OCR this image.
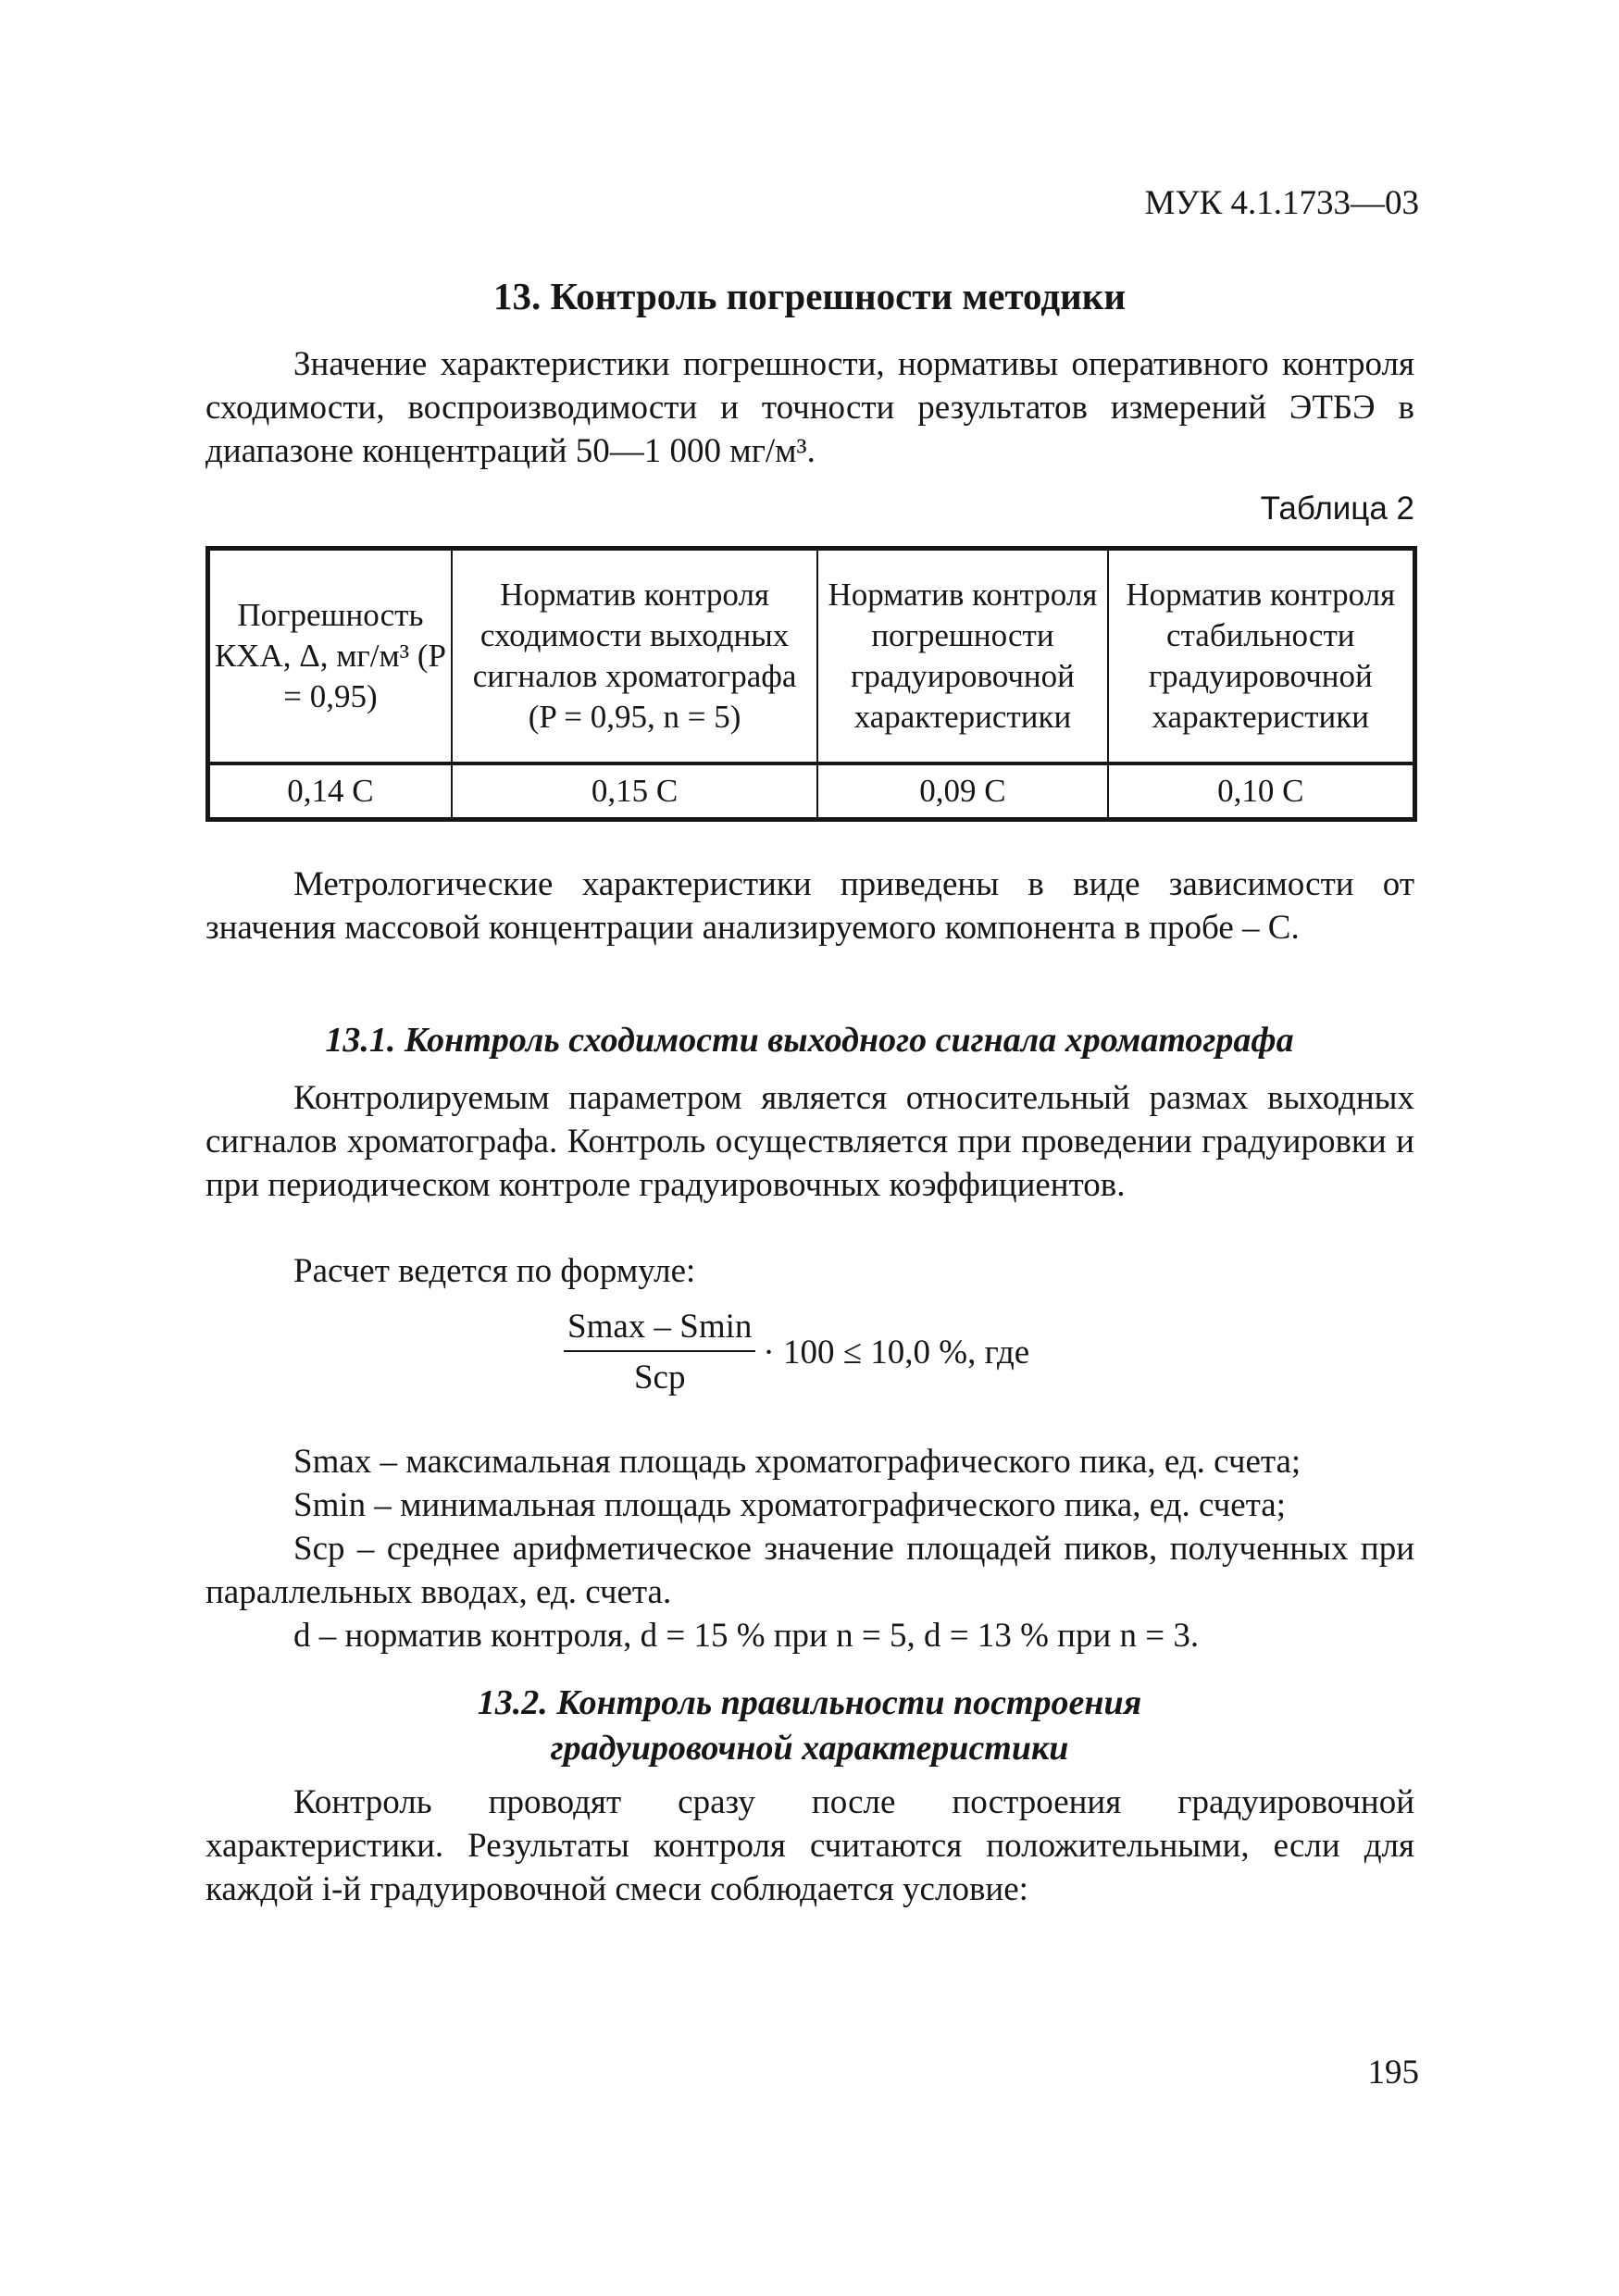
МУК 4.1.1733—03
13. Контроль погрешности методики
Значение характеристики погрешности, нормативы оперативного контроля сходимости, воспроизводимости и точности результатов измерений ЭТБЭ в диапазоне концентраций 50—1 000 мг/м³.
Таблица 2
Погрешность КХА, Δ, мг/м³ (P = 0,95)	Норматив контроля сходимости выходных сигналов хроматографа (P = 0,95, n = 5)	Норматив контроля погрешности градуировочной характеристики	Норматив контроля стабильности градуировочной характеристики
0,14 C	0,15 C	0,09 C	0,10 C
Метрологические характеристики приведены в виде зависимости от значения массовой концентрации анализируемого компонента в пробе – C.
13.1. Контроль сходимости выходного сигнала хроматографа
Контролируемым параметром является относительный размах выходных сигналов хроматографа. Контроль осуществляется при проведении градуировки и при периодическом контроле градуировочных коэффициентов.
Расчет ведется по формуле:
$\frac{Smax - Smin}{\text{Scp}} \cdot 100 \le 10,0$ %, где
Smax – максимальная площадь хроматографического пика, ед. счета;
Smin – минимальная площадь хроматографического пика, ед. счета;
Scp – среднее арифметическое значение площадей пиков, полученных при параллельных вводах, ед. счета.
d – норматив контроля, d = 15 % при n = 5, d = 13 % при n = 3.
13.2. Контроль правильности построения градуировочной характеристики
Контроль проводят сразу после построения градуировочной характеристики. Результаты контроля считаются положительными, если для каждой i-й градуировочной смеси соблюдается условие:
195
